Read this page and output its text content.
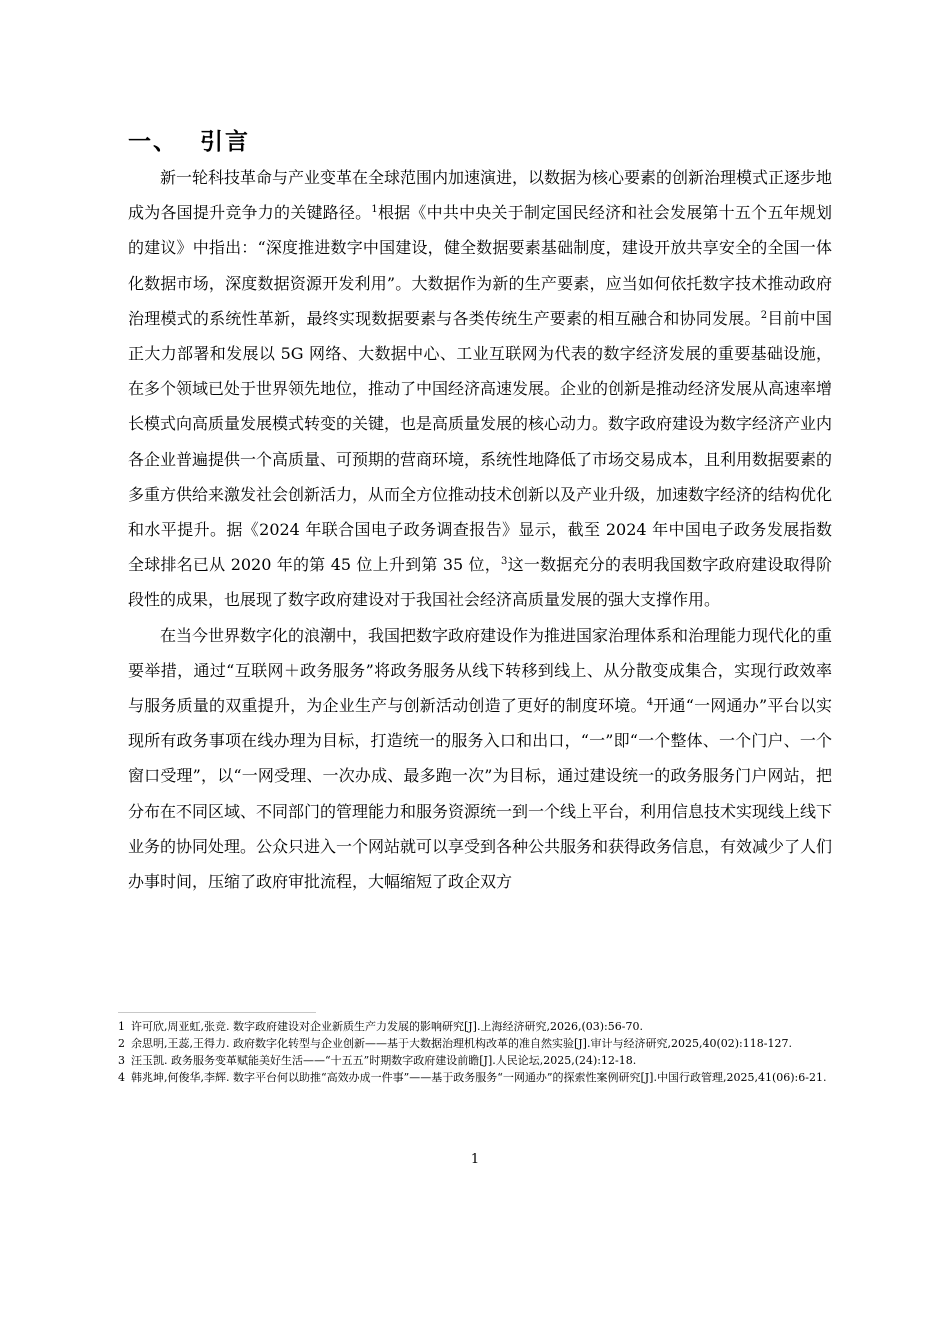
一、 引言

新一轮科技革命与产业变革在全球范围内加速演进，以数据为核心要素的创新治理模式正逐步地成为各国提升竞争力的关键路径。$^1$根据《中共中央关于制定国民经济和社会发展第十五个五年规划的建议》中指出：“深度推进数字中国建设，健全数据要素基础制度，建设开放共享安全的全国一体化数据市场，深度数据资源开发利用”。大数据作为新的生产要素，应当如何依托数字技术推动政府治理模式的系统性革新，最终实现数据要素与各类传统生产要素的相互融合和协同发展。$^2$目前中国正大力部署和发展以 5G 网络、大数据中心、工业互联网为代表的数字经济发展的重要基础设施，在多个领域已处于世界领先地位，推动了中国经济高速发展。企业的创新是推动经济发展从高速率增长模式向高质量发展模式转变的关键，也是高质量发展的核心动力。数字政府建设为数字经济产业内各企业普遍提供一个高质量、可预期的营商环境，系统性地降低了市场交易成本，且利用数据要素的多重方供给来激发社会创新活力，从而全方位推动技术创新以及产业升级，加速数字经济的结构优化和水平提升。据《2024 年联合国电子政务调查报告》显示，截至 2024 年中国电子政务发展指数全球排名已从 2020 年的第 45 位上升到第 35 位，$^3$这一数据充分的表明我国数字政府建设取得阶段性的成果，也展现了数字政府建设对于我国社会经济高质量发展的强大支撑作用。

在当今世界数字化的浪潮中，我国把数字政府建设作为推进国家治理体系和治理能力现代化的重要举措，通过“互联网＋政务服务”将政务服务从线下转移到线上、从分散变成集合，实现行政效率与服务质量的双重提升，为企业生产与创新活动创造了更好的制度环境。$^4$开通“一网通办”平台以实现所有政务事项在线办理为目标，打造统一的服务入口和出口，“一”即“一个整体、一个门户、一个窗口受理”，以“一网受理、一次办成、最多跑一次”为目标，通过建设统一的政务服务门户网站，把分布在不同区域、不同部门的管理能力和服务资源统一到一个线上平台，利用信息技术实现线上线下业务的协同处理。公众只进入一个网站就可以享受到各种公共服务和获得政务信息，有效减少了人们办事时间，压缩了政府审批流程，大幅缩短了政企双方

1 许可欣,周亚虹,张竞. 数字政府建设对企业新质生产力发展的影响研究[J].上海经济研究,2026,(03):56-70.

2 余思明,王蕊,王得力. 政府数字化转型与企业创新——基于大数据治理机构改革的准自然实验[J].审计与经济研究,2025,40(02):118-127.

3 汪玉凯. 政务服务变革赋能美好生活——“十五五”时期数字政府建设前瞻[J].人民论坛,2025,(24):12-18.

4 韩兆坤,何俊华,李辉. 数字平台何以助推“高效办成一件事”——基于政务服务“一网通办”的探索性案例研究[J].中国行政管理,2025,41(06):6-21.

1
